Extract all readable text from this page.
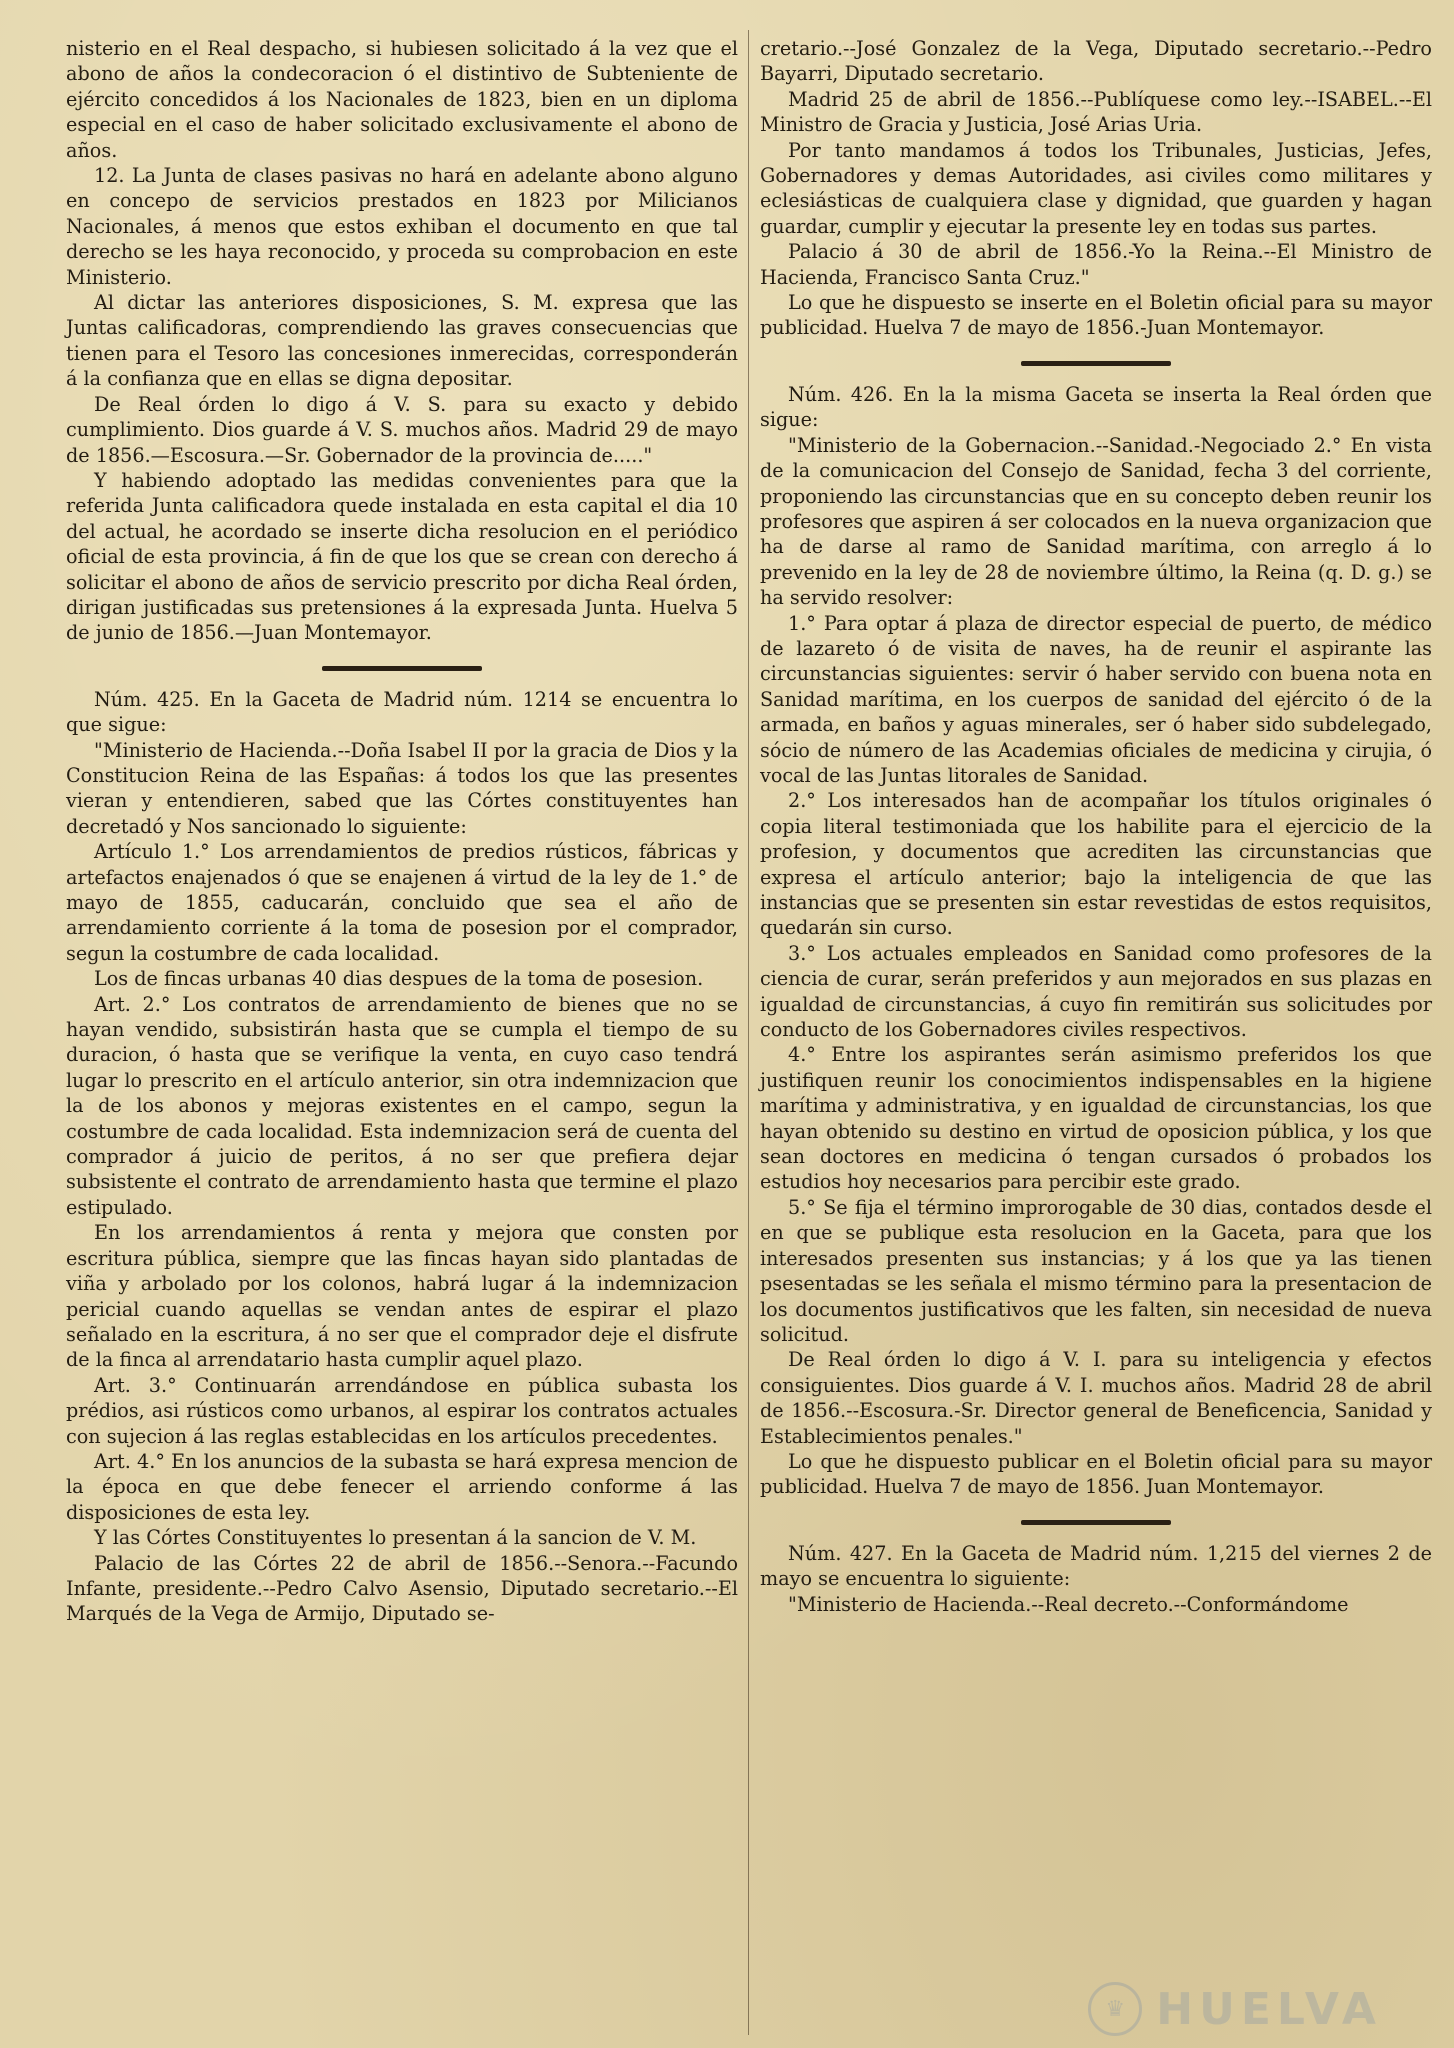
nisterio en el Real despacho, si hubiesen solicitado á la vez que el abono de años la condecoracion ó el distintivo de Subteniente de ejército concedidos á los Nacionales de 1823, bien en un diploma especial en el caso de haber solicitado exclusivamente el abono de años.

12. La Junta de clases pasivas no hará en adelante abono alguno en concepo de servicios prestados en 1823 por Milicianos Nacionales, á menos que estos exhiban el documento en que tal derecho se les haya reconocido, y proceda su comprobacion en este Ministerio.

Al dictar las anteriores disposiciones, S. M. expresa que las Juntas calificadoras, comprendiendo las graves consecuencias que tienen para el Tesoro las concesiones inmerecidas, corresponderán á la confianza que en ellas se digna depositar.

De Real órden lo digo á V. S. para su exacto y debido cumplimiento. Dios guarde á V. S. muchos años. Madrid 29 de mayo de 1856.—Escosura.—Sr. Gobernador de la provincia de....."

Y habiendo adoptado las medidas convenientes para que la referida Junta calificadora quede instalada en esta capital el dia 10 del actual, he acordado se inserte dicha resolucion en el periódico oficial de esta provincia, á fin de que los que se crean con derecho á solicitar el abono de años de servicio prescrito por dicha Real órden, dirigan justificadas sus pretensiones á la expresada Junta. Huelva 5 de junio de 1856.—Juan Montemayor.

Núm. 425. En la Gaceta de Madrid núm. 1214 se encuentra lo que sigue:

"Ministerio de Hacienda.--Doña Isabel II por la gracia de Dios y la Constitucion Reina de las Españas: á todos los que las presentes vieran y entendieren, sabed que las Córtes constituyentes han decretadó y Nos sancionado lo siguiente:

Artículo 1.° Los arrendamientos de predios rústicos, fábricas y artefactos enajenados ó que se enajenen á virtud de la ley de 1.° de mayo de 1855, caducarán, concluido que sea el año de arrendamiento corriente á la toma de posesion por el comprador, segun la costumbre de cada localidad.

Los de fincas urbanas 40 dias despues de la toma de posesion.

Art. 2.° Los contratos de arrendamiento de bienes que no se hayan vendido, subsistirán hasta que se cumpla el tiempo de su duracion, ó hasta que se verifique la venta, en cuyo caso tendrá lugar lo prescrito en el artículo anterior, sin otra indemnizacion que la de los abonos y mejoras existentes en el campo, segun la costumbre de cada localidad. Esta indemnizacion será de cuenta del comprador á juicio de peritos, á no ser que prefiera dejar subsistente el contrato de arrendamiento hasta que termine el plazo estipulado.

En los arrendamientos á renta y mejora que consten por escritura pública, siempre que las fincas hayan sido plantadas de viña y arbolado por los colonos, habrá lugar á la indemnizacion pericial cuando aquellas se vendan antes de espirar el plazo señalado en la escritura, á no ser que el comprador deje el disfrute de la finca al arrendatario hasta cumplir aquel plazo.

Art. 3.° Continuarán arrendándose en pública subasta los prédios, asi rústicos como urbanos, al espirar los contratos actuales con sujecion á las reglas establecidas en los artículos precedentes.

Art. 4.° En los anuncios de la subasta se hará expresa mencion de la época en que debe fenecer el arriendo conforme á las disposiciones de esta ley.

Y las Córtes Constituyentes lo presentan á la sancion de V. M.

Palacio de las Córtes 22 de abril de 1856.--Senora.--Facundo Infante, presidente.--Pedro Calvo Asensio, Diputado secretario.--El Marqués de la Vega de Armijo, Diputado se-

cretario.--José Gonzalez de la Vega, Diputado secretario.--Pedro Bayarri, Diputado secretario.

Madrid 25 de abril de 1856.--Publíquese como ley.--ISABEL.--El Ministro de Gracia y Justicia, José Arias Uria.

Por tanto mandamos á todos los Tribunales, Justicias, Jefes, Gobernadores y demas Autoridades, asi civiles como militares y eclesiásticas de cualquiera clase y dignidad, que guarden y hagan guardar, cumplir y ejecutar la presente ley en todas sus partes.

Palacio á 30 de abril de 1856.-Yo la Reina.--El Ministro de Hacienda, Francisco Santa Cruz."

Lo que he dispuesto se inserte en el Boletin oficial para su mayor publicidad. Huelva 7 de mayo de 1856.-Juan Montemayor.

Núm. 426. En la la misma Gaceta se inserta la Real órden que sigue:

"Ministerio de la Gobernacion.--Sanidad.-Negociado 2.° En vista de la comunicacion del Consejo de Sanidad, fecha 3 del corriente, proponiendo las circunstancias que en su concepto deben reunir los profesores que aspiren á ser colocados en la nueva organizacion que ha de darse al ramo de Sanidad marítima, con arreglo á lo prevenido en la ley de 28 de noviembre último, la Reina (q. D. g.) se ha servido resolver:

1.° Para optar á plaza de director especial de puerto, de médico de lazareto ó de visita de naves, ha de reunir el aspirante las circunstancias siguientes: servir ó haber servido con buena nota en Sanidad marítima, en los cuerpos de sanidad del ejército ó de la armada, en baños y aguas minerales, ser ó haber sido subdelegado, sócio de número de las Academias oficiales de medicina y cirujia, ó vocal de las Juntas litorales de Sanidad.

2.° Los interesados han de acompañar los títulos originales ó copia literal testimoniada que los habilite para el ejercicio de la profesion, y documentos que acrediten las circunstancias que expresa el artículo anterior; bajo la inteligencia de que las instancias que se presenten sin estar revestidas de estos requisitos, quedarán sin curso.

3.° Los actuales empleados en Sanidad como profesores de la ciencia de curar, serán preferidos y aun mejorados en sus plazas en igualdad de circunstancias, á cuyo fin remitirán sus solicitudes por conducto de los Gobernadores civiles respectivos.

4.° Entre los aspirantes serán asimismo preferidos los que justifiquen reunir los conocimientos indispensables en la higiene marítima y administrativa, y en igualdad de circunstancias, los que hayan obtenido su destino en virtud de oposicion pública, y los que sean doctores en medicina ó tengan cursados ó probados los estudios hoy necesarios para percibir este grado.

5.° Se fija el término improrogable de 30 dias, contados desde el en que se publique esta resolucion en la Gaceta, para que los interesados presenten sus instancias; y á los que ya las tienen psesentadas se les señala el mismo término para la presentacion de los documentos justificativos que les falten, sin necesidad de nueva solicitud.

De Real órden lo digo á V. I. para su inteligencia y efectos consiguientes. Dios guarde á V. I. muchos años. Madrid 28 de abril de 1856.--Escosura.-Sr. Director general de Beneficencia, Sanidad y Establecimientos penales."

Lo que he dispuesto publicar en el Boletin oficial para su mayor publicidad. Huelva 7 de mayo de 1856. Juan Montemayor.

Núm. 427. En la Gaceta de Madrid núm. 1,215 del viernes 2 de mayo se encuentra lo siguiente:

"Ministerio de Hacienda.--Real decreto.--Conformándome

♛ HUELVA
